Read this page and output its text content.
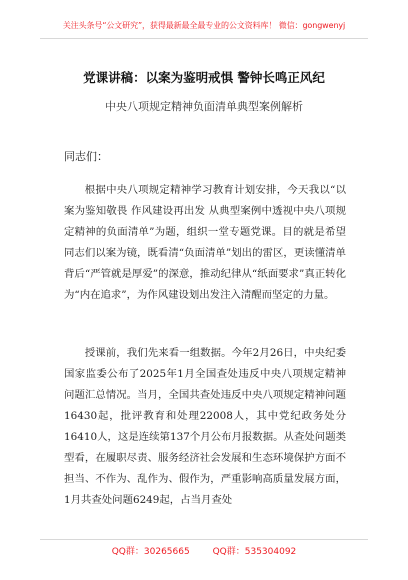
关注头条号“公文研究”，获得最新最全最专业的公文资料库！ 微信：gongwenyj
党课讲稿：以案为鉴明戒惧 警钟长鸣正风纪
中央八项规定精神负面清单典型案例解析
同志们：

根据中央八项规定精神学习教育计划安排，今天我以“以案为鉴知敬畏 作风建设再出发 从典型案例中透视中央八项规定精神的负面清单”为题，组织一堂专题党课。目的就是希望同志们以案为镜，既看清“负面清单”划出的雷区，更读懂清单背后“严管就是厚爱”的深意，推动纪律从“纸面要求”真正转化为“内在追求”，为作风建设划出发注入清醒而坚定的力量。

授课前，我们先来看一组数据。今年2月26日，中央纪委国家监委公布了2025年1月全国查处违反中央八项规定精神问题汇总情况。当月，全国共查处违反中央八项规定精神问题16430起，批评教育和处理22008人，其中党纪政务处分16410人，这是连续第137个月公布月报数据。从查处问题类型看，在履职尽责、服务经济社会发展和生态环境保护方面不担当、不作为、乱作为、假作为，严重影响高质量发展方面，1月共查处问题6249起，占当月查处

QQ群：30265665	QQ群：535304092
